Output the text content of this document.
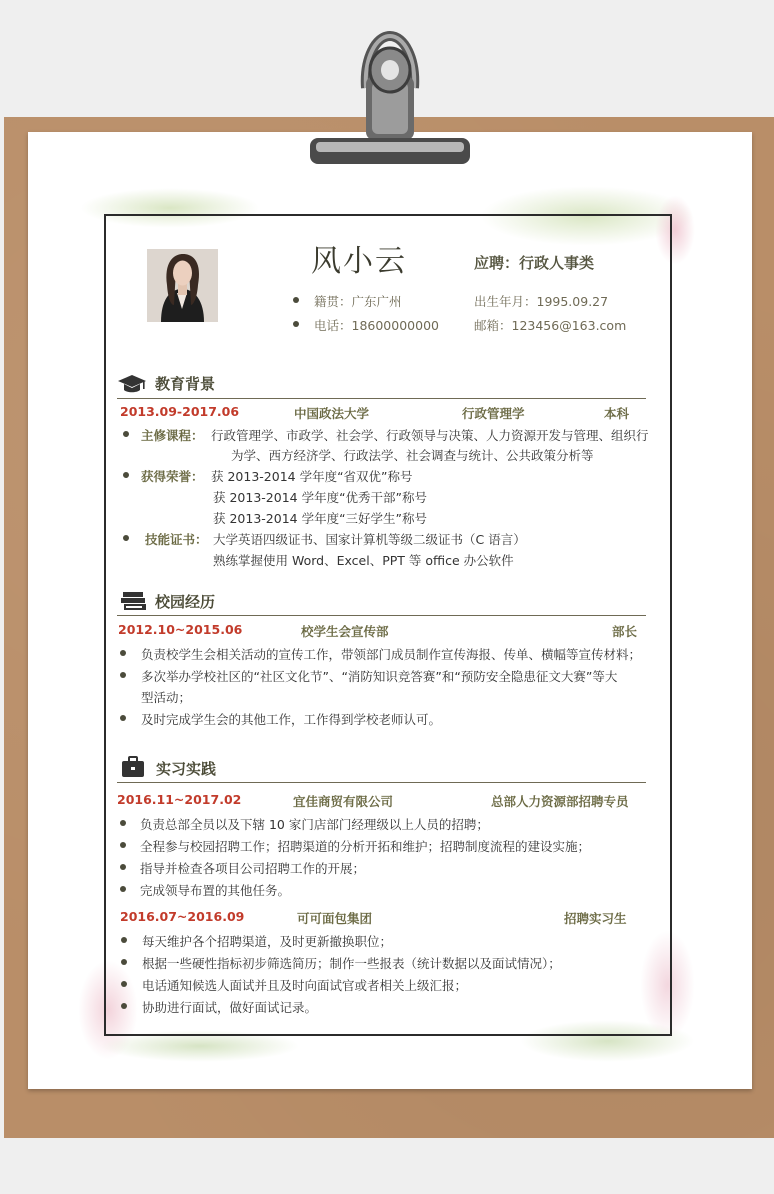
风小云	应聘：行政人事类
籍贯：广东广州	出生年月：1995.09.27
电话：18600000000	邮箱：123456@163.com
教育背景
2013.09-2017.06	中国政法大学	行政管理学	本科
主修课程： 行政管理学、市政学、社会学、行政领导与决策、人力资源开发与管理、组织行
为学、西方经济学、行政法学、社会调查与统计、公共政策分析等
获得荣誉： 获 2013-2014 学年度“省双优”称号
获 2013-2014 学年度“优秀干部”称号
获 2013-2014 学年度“三好学生”称号
技能证书： 大学英语四级证书、国家计算机等级二级证书（C 语言）
熟练掌握使用 Word、Excel、PPT 等 office 办公软件
校园经历
2012.10~2015.06	校学生会宣传部	部长
负责校学生会相关活动的宣传工作，带领部门成员制作宣传海报、传单、横幅等宣传材料；
多次举办学校社区的“社区文化节”、“消防知识竞答赛”和“预防安全隐患征文大赛”等大
型活动；
及时完成学生会的其他工作，工作得到学校老师认可。
实习实践
2016.11~2017.02	宜佳商贸有限公司	总部人力资源部招聘专员
负责总部全员以及下辖 10 家门店部门经理级以上人员的招聘；
全程参与校园招聘工作；招聘渠道的分析开拓和维护；招聘制度流程的建设实施；
指导并检查各项目公司招聘工作的开展；
完成领导布置的其他任务。
2016.07~2016.09	可可面包集团	招聘实习生
每天维护各个招聘渠道，及时更新撤换职位；
根据一些硬性指标初步筛选简历；制作一些报表（统计数据以及面试情况）；
电话通知候选人面试并且及时向面试官或者相关上级汇报；
协助进行面试，做好面试记录。
